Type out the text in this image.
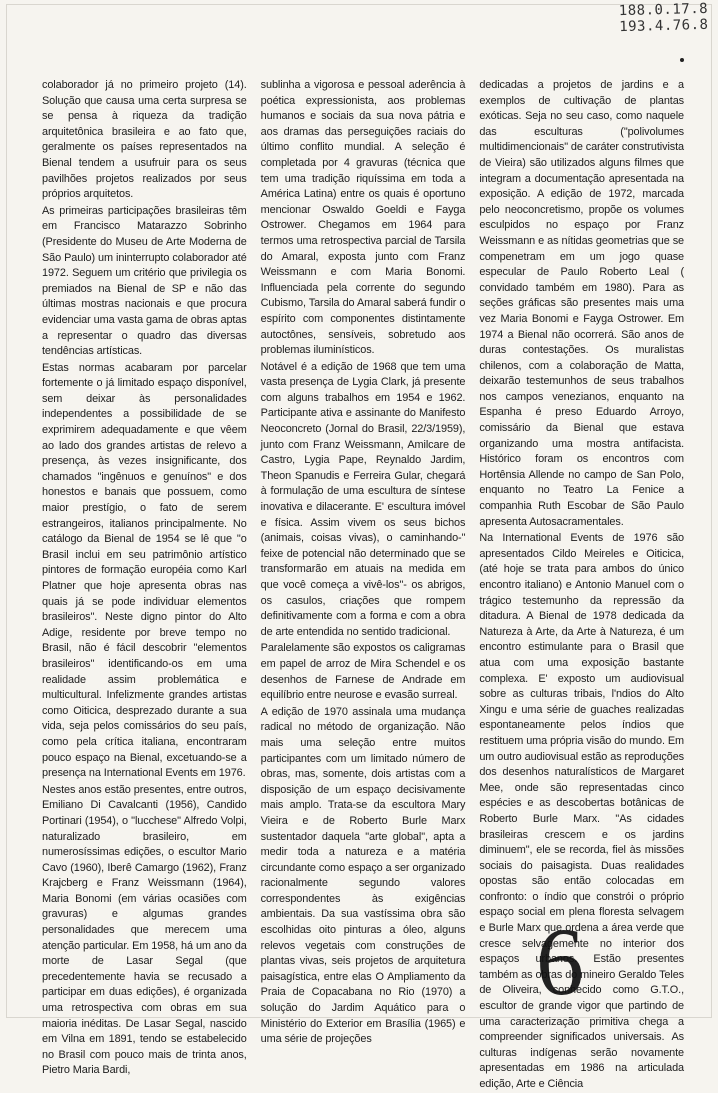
188.0.17.8
193.4.76.8

colaborador já no primeiro projeto (14). Solução que causa uma certa surpresa se se pensa à riqueza da tradição arquitetônica brasileira e ao fato que, geralmente os países representados na Bienal tendem a usufruir para os seus pavilhões projetos realizados por seus próprios arquitetos.

As primeiras participações brasileiras têm em Francisco Matarazzo Sobrinho (Presidente do Museu de Arte Moderna de São Paulo) um ininterrupto colaborador até 1972. Seguem um critério que privilegia os premiados na Bienal de SP e não das últimas mostras nacionais e que procura evidenciar uma vasta gama de obras aptas a representar o quadro das diversas tendências artísticas.

Estas normas acabaram por parcelar fortemente o já limitado espaço disponível, sem deixar às personalidades independentes a possibilidade de se exprimirem adequadamente e que vêem ao lado dos grandes artistas de relevo a presença, às vezes insignificante, dos chamados "ingênuos e genuínos" e dos honestos e banais que possuem, como maior prestígio, o fato de serem estrangeiros, italianos principalmente. No catálogo da Bienal de 1954 se lê que "o Brasil inclui em seu patrimônio artístico pintores de formação européia como Karl Platner que hoje apresenta obras nas quais já se pode individuar elementos brasileiros". Neste digno pintor do Alto Adige, residente por breve tempo no Brasil, não é fácil descobrir "elementos brasileiros" identificando-os em uma realidade assim problemática e multicultural. Infelizmente grandes artistas como Oiticica, desprezado durante a sua vida, seja pelos comissários do seu país, como pela crítica italiana, encontraram pouco espaço na Bienal, excetuando-se a presença na International Events em 1976.

Nestes anos estão presentes, entre outros, Emiliano Di Cavalcanti (1956), Candido Portinari (1954), o "lucchese" Alfredo Volpi, naturalizado brasileiro, em numerosíssimas edições, o escultor Mario Cavo (1960), Iberê Camargo (1962), Franz Krajcberg e Franz Weissmann (1964), Maria Bonomi (em várias ocasiões com gravuras) e algumas grandes personalidades que merecem uma atenção particular. Em 1958, há um ano da morte de Lasar Segal (que precedentemente havia se recusado a participar em duas edições), é organizada uma retrospectiva com obras em sua maioria inéditas. De Lasar Segal, nascido em Vilna em 1891, tendo se estabelecido no Brasil com pouco mais de trinta anos, Pietro Maria Bardi,

sublinha a vigorosa e pessoal aderência à poética expressionista, aos problemas humanos e sociais da sua nova pátria e aos dramas das perseguições raciais do último conflito mundial. A seleção é completada por 4 gravuras (técnica que tem uma tradição riquíssima em toda a América Latina) entre os quais é oportuno mencionar Oswaldo Goeldi e Fayga Ostrower. Chegamos em 1964 para termos uma retrospectiva parcial de Tarsila do Amaral, exposta junto com Franz Weissmann e com Maria Bonomi. Influenciada pela corrente do segundo Cubismo, Tarsila do Amaral saberá fundir o espírito com componentes distintamente autoctônes, sensíveis, sobretudo aos problemas iluminísticos.

Notável é a edição de 1968 que tem uma vasta presença de Lygia Clark, já presente com alguns trabalhos em 1954 e 1962. Participante ativa e assinante do Manifesto Neoconcreto (Jornal do Brasil, 22/3/1959), junto com Franz Weissmann, Amilcare de Castro, Lygia Pape, Reynaldo Jardim, Theon Spanudis e Ferreira Gular, chegará à formulação de uma escultura de síntese inovativa e dilacerante. E' escultura imóvel e física. Assim vivem os seus bichos (animais, coisas vivas), o caminhando-" feixe de potencial não determinado que se transformarão em atuais na medida em que você começa a vivê-los"- os abrigos, os casulos, criações que rompem definitivamente com a forma e com a obra de arte entendida no sentido tradicional.

Paralelamente são expostos os caligramas em papel de arroz de Mira Schendel e os desenhos de Farnese de Andrade em equilíbrio entre neurose e evasão surreal.

A edição de 1970 assinala uma mudança radical no método de organização. Não mais uma seleção entre muitos participantes com um limitado número de obras, mas, somente, dois artistas com a disposição de um espaço decisivamente mais amplo. Trata-se da escultora Mary Vieira e de Roberto Burle Marx sustentador daquela "arte global", apta a medir toda a natureza e a matéria circundante como espaço a ser organizado racionalmente segundo valores correspondentes às exigências ambientais. Da sua vastíssima obra são escolhidas oito pinturas a óleo, alguns relevos vegetais com construções de plantas vivas, seis projetos de arquitetura paisagística, entre elas O Ampliamento da Praia de Copacabana no Rio (1970) a solução do Jardim Aquático para o Ministério do Exterior em Brasília (1965) e uma série de projeções

dedicadas a projetos de jardins e a exemplos de cultivação de plantas exóticas. Seja no seu caso, como naquele das esculturas ("polivolumes multidimencionais" de caráter construtivista de Vieira) são utilizados alguns filmes que integram a documentação apresentada na exposição. A edição de 1972, marcada pelo neoconcretismo, propõe os volumes esculpidos no espaço por Franz Weissmann e as nítidas geometrias que se compenetram em um jogo quase especular de Paulo Roberto Leal ( convidado também em 1980). Para as seções gráficas são presentes mais uma vez Maria Bonomi e Fayga Ostrower. Em 1974 a Bienal não ocorrerá. São anos de duras contestações. Os muralistas chilenos, com a colaboração de Matta, deixarão testemunhos de seus trabalhos nos campos venezianos, enquanto na Espanha é preso Eduardo Arroyo, comissário da Bienal que estava organizando uma mostra antifacista. Histórico foram os encontros com Hortênsia Allende no campo de San Polo, enquanto no Teatro La Fenice a companhia Ruth Escobar de São Paulo apresenta Autosacramentales.

Na International Events de 1976 são apresentados Cildo Meireles e Oiticica, (até hoje se trata para ambos do único encontro italiano) e Antonio Manuel com o trágico testemunho da repressão da ditadura. A Bienal de 1978 dedicada da Natureza à Arte, da Arte à Natureza, é um encontro estimulante para o Brasil que atua com uma exposição bastante complexa. E' exposto um audiovisual sobre as culturas tribais, l'ndios do Alto Xingu e uma série de guaches realizadas espontaneamente pelos índios que restituem uma própria visão do mundo. Em um outro audiovisual estão as reproduções dos desenhos naturalísticos de Margaret Mee, onde são representadas cinco espécies e as descobertas botânicas de Roberto Burle Marx. "As cidades brasileiras crescem e os jardins diminuem", ele se recorda, fiel às missões sociais do paisagista. Duas realidades opostas são então colocadas em confronto: o índio que constrói o próprio espaço social em plena floresta selvagem e Burle Marx que ordena a área verde que cresce selvagemente no interior dos espaços urbanos. Estão presentes também as obras do mineiro Geraldo Teles de Oliveira, conhecido como G.T.O., escultor de grande vigor que partindo de uma caracterização primitiva chega a compreender significados universais. As culturas indígenas serão novamente apresentadas em 1986 na articulada edição, Arte e Ciência

6
